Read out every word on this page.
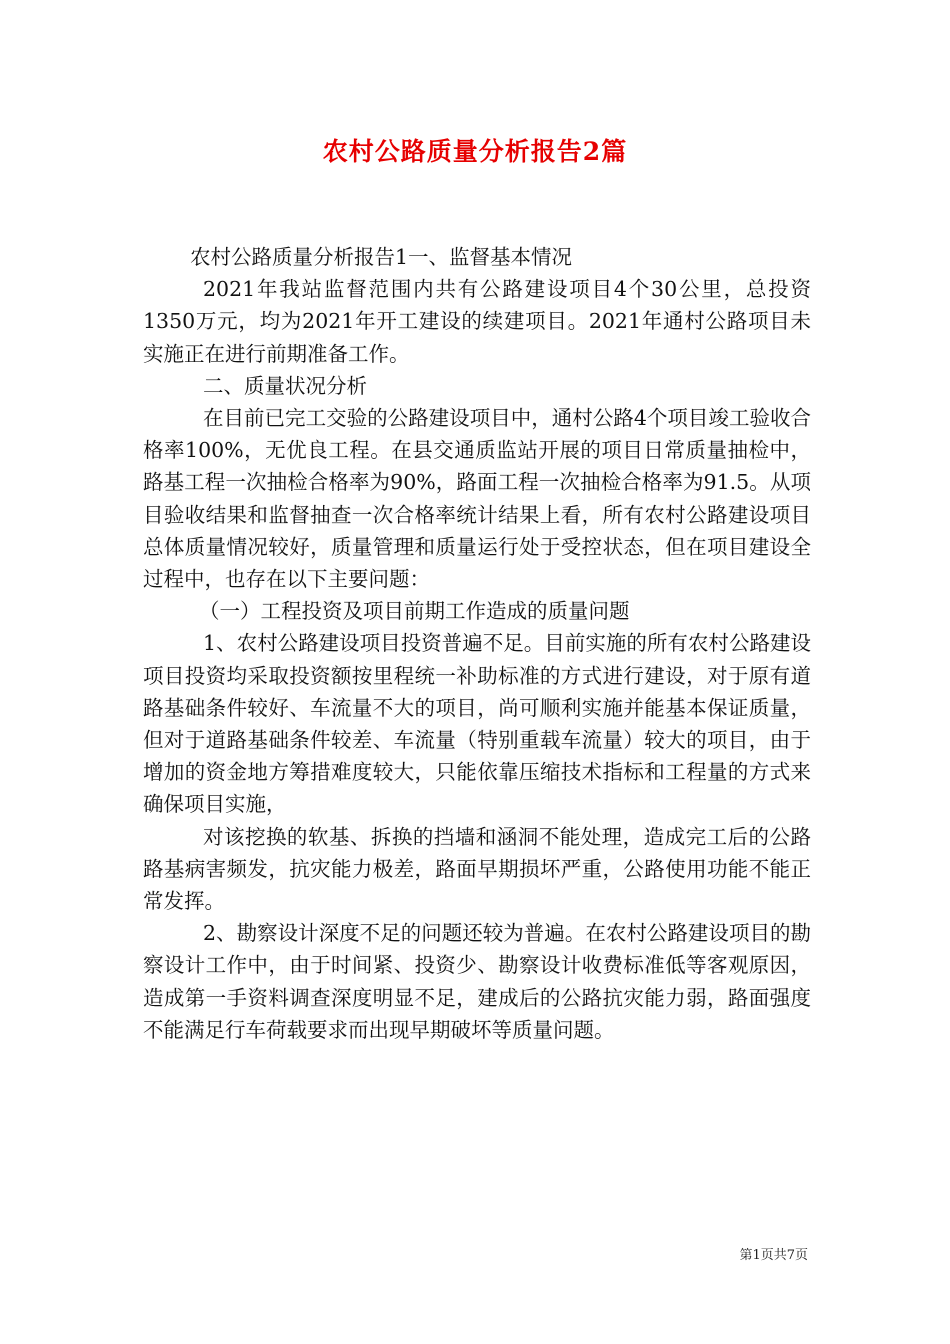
农村公路质量分析报告2篇

农村公路质量分析报告1一、监督基本情况

2021年我站监督范围内共有公路建设项目4个30公里，总投资1350万元，均为2021年开工建设的续建项目。2021年通村公路项目未实施正在进行前期准备工作。

二、质量状况分析

在目前已完工交验的公路建设项目中，通村公路4个项目竣工验收合格率100%，无优良工程。在县交通质监站开展的项目日常质量抽检中，路基工程一次抽检合格率为90%，路面工程一次抽检合格率为91.5。从项目验收结果和监督抽查一次合格率统计结果上看，所有农村公路建设项目总体质量情况较好，质量管理和质量运行处于受控状态，但在项目建设全过程中，也存在以下主要问题：

（一）工程投资及项目前期工作造成的质量问题

1、农村公路建设项目投资普遍不足。目前实施的所有农村公路建设项目投资均采取投资额按里程统一补助标准的方式进行建设，对于原有道路基础条件较好、车流量不大的项目，尚可顺利实施并能基本保证质量，但对于道路基础条件较差、车流量（特别重载车流量）较大的项目，由于增加的资金地方筹措难度较大，只能依靠压缩技术指标和工程量的方式来确保项目实施，

对该挖换的软基、拆换的挡墙和涵洞不能处理，造成完工后的公路路基病害频发，抗灾能力极差，路面早期损坏严重，公路使用功能不能正常发挥。

2、勘察设计深度不足的问题还较为普遍。在农村公路建设项目的勘察设计工作中，由于时间紧、投资少、勘察设计收费标准低等客观原因，造成第一手资料调查深度明显不足，建成后的公路抗灾能力弱，路面强度不能满足行车荷载要求而出现早期破坏等质量问题。

第1页共7页
